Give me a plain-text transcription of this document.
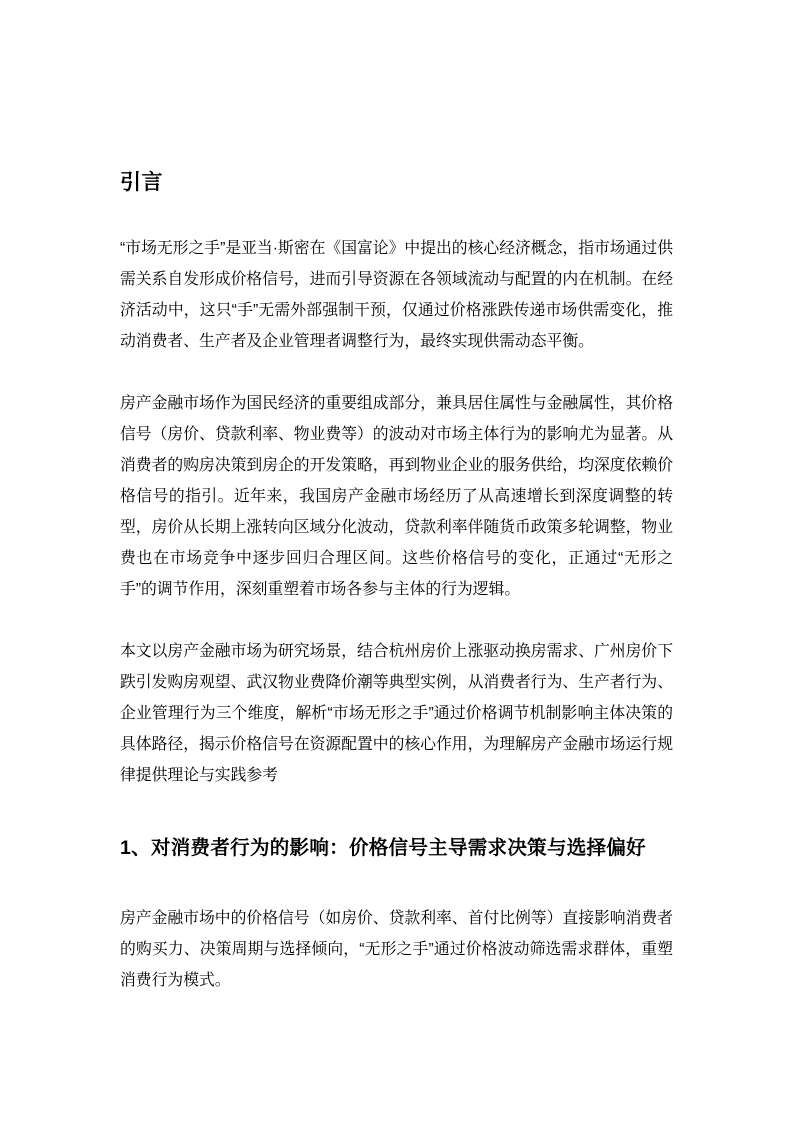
引言

“市场无形之手”是亚当·斯密在《国富论》中提出的核心经济概念，指市场通过供需关系自发形成价格信号，进而引导资源在各领域流动与配置的内在机制。在经济活动中，这只“手”无需外部强制干预，仅通过价格涨跌传递市场供需变化，推动消费者、生产者及企业管理者调整行为，最终实现供需动态平衡。

房产金融市场作为国民经济的重要组成部分，兼具居住属性与金融属性，其价格信号（房价、贷款利率、物业费等）的波动对市场主体行为的影响尤为显著。从消费者的购房决策到房企的开发策略，再到物业企业的服务供给，均深度依赖价格信号的指引。近年来，我国房产金融市场经历了从高速增长到深度调整的转型，房价从长期上涨转向区域分化波动，贷款利率伴随货币政策多轮调整，物业费也在市场竞争中逐步回归合理区间。这些价格信号的变化，正通过“无形之手”的调节作用，深刻重塑着市场各参与主体的行为逻辑。

本文以房产金融市场为研究场景，结合杭州房价上涨驱动换房需求、广州房价下跌引发购房观望、武汉物业费降价潮等典型实例，从消费者行为、生产者行为、企业管理行为三个维度，解析“市场无形之手”通过价格调节机制影响主体决策的具体路径，揭示价格信号在资源配置中的核心作用，为理解房产金融市场运行规律提供理论与实践参考

1、对消费者行为的影响：价格信号主导需求决策与选择偏好

房产金融市场中的价格信号（如房价、贷款利率、首付比例等）直接影响消费者的购买力、决策周期与选择倾向，“无形之手”通过价格波动筛选需求群体，重塑消费行为模式。
